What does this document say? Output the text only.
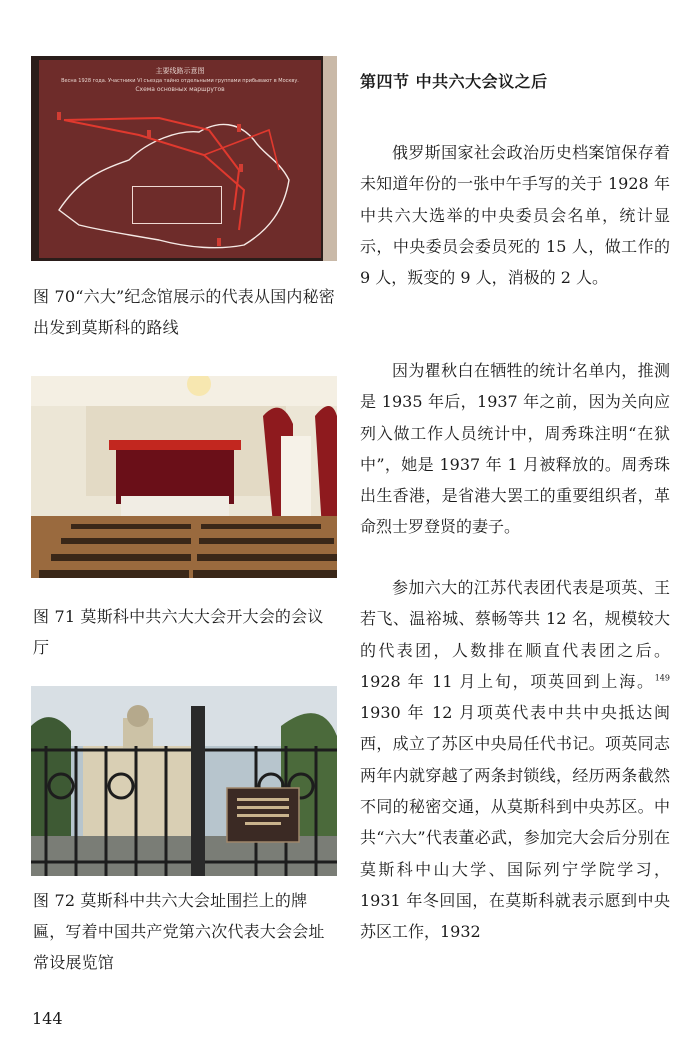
主要线路示意图
Весна 1928 года. Участники VI съезда тайно отдельными группами прибывают в Москву.
Схема основных маршрутов
图 70“六大”纪念馆展示的代表从国内秘密出发到莫斯科的路线
图 71 莫斯科中共六大大会开大会的会议厅
图 72 莫斯科中共六大会址围拦上的牌匾，写着中国共产党第六次代表大会会址常设展览馆
第四节 中共六大会议之后

俄罗斯国家社会政治历史档案馆保存着未知道年份的一张中午手写的关于 1928 年中共六大选举的中央委员会名单，统计显示，中央委员会委员死的 15 人，做工作的 9 人，叛变的 9 人，消极的 2 人。

因为瞿秋白在牺牲的统计名单内，推测是 1935 年后，1937 年之前，因为关向应列入做工作人员统计中，周秀珠注明“在狱中”，她是 1937 年 1 月被释放的。周秀珠出生香港，是省港大罢工的重要组织者，革命烈士罗登贤的妻子。

参加六大的江苏代表团代表是项英、王若飞、温裕城、蔡畅等共 12 名，规模较大的代表团，人数排在顺直代表团之后。1928 年 11 月上旬，项英回到上海。$^{149}$ 1930 年 12 月项英代表中共中央抵达闽西，成立了苏区中央局任代书记。项英同志两年内就穿越了两条封锁线，经历两条截然不同的秘密交通，从莫斯科到中央苏区。中共“六大”代表董必武，参加完大会后分别在莫斯科中山大学、国际列宁学院学习，1931 年冬回国，在莫斯科就表示愿到中央苏区工作，1932

144
